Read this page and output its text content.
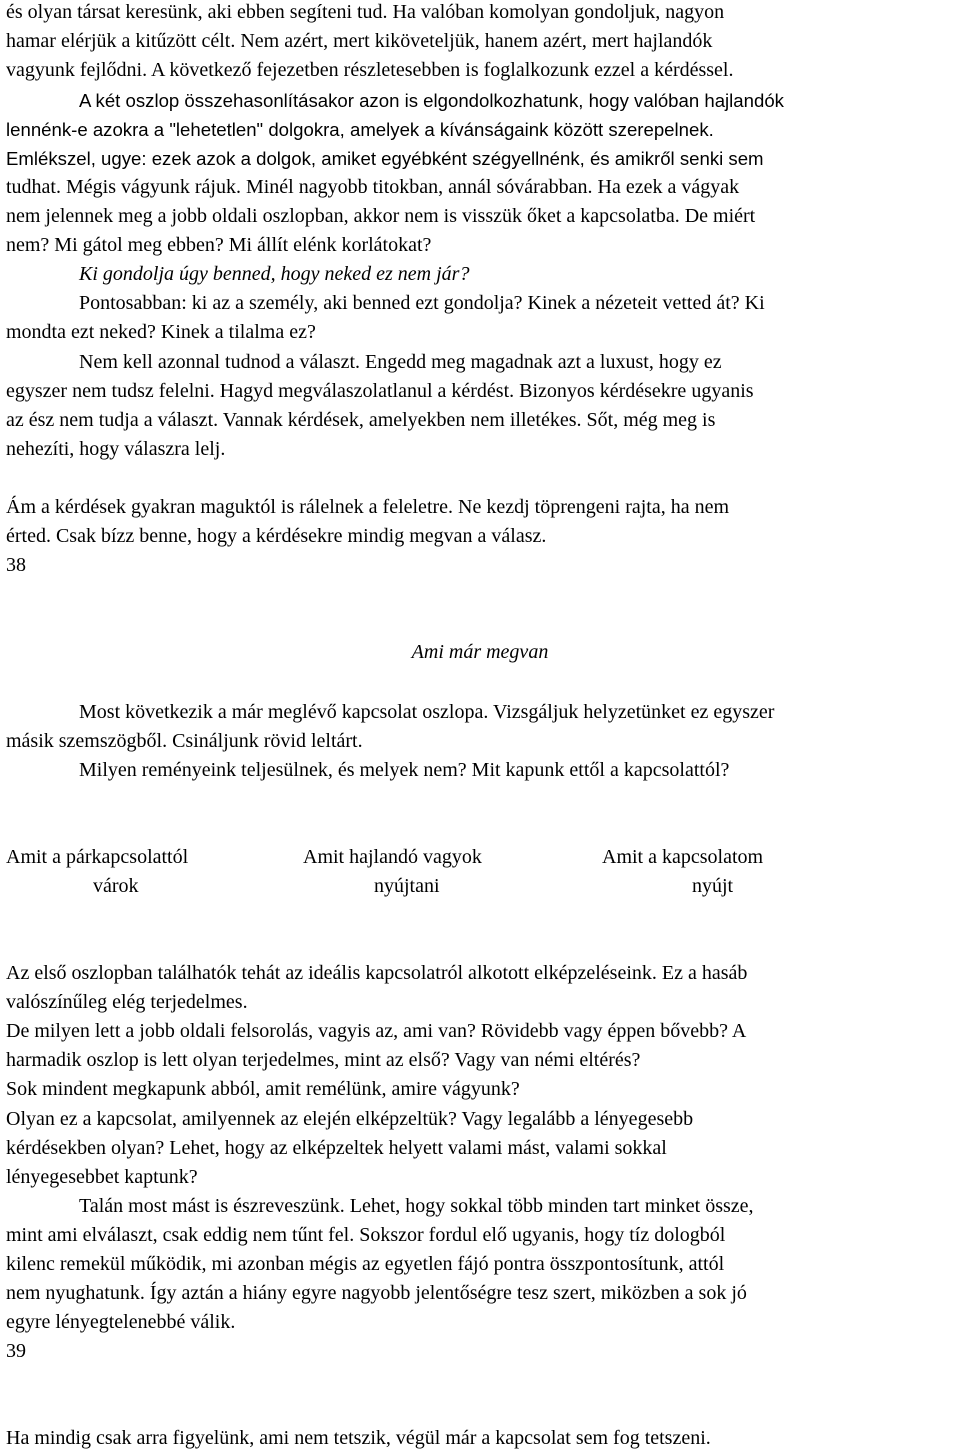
és olyan társat keresünk, aki ebben segíteni tud. Ha valóban komolyan gondoljuk, nagyon

hamar elérjük a kitűzött célt. Nem azért, mert kiköveteljük, hanem azért, mert hajlandók

vagyunk fejlődni. A következő fejezetben részletesebben is foglalkozunk ezzel a kérdéssel.

A két oszlop összehasonlításakor azon is elgondolkozhatunk, hogy valóban hajlandók

lennénk-e azokra a "lehetetlen" dolgokra, amelyek a kívánságaink között szerepelnek.

Emlékszel, ugye: ezek azok a dolgok, amiket egyébként szégyellnénk, és amikről senki sem

tudhat. Mégis vágyunk rájuk. Minél nagyobb titokban, annál sóvárabban. Ha ezek a vágyak

nem jelennek meg a jobb oldali oszlopban, akkor nem is visszük őket a kapcsolatba. De miért

nem? Mi gátol meg ebben? Mi állít elénk korlátokat?

Ki gondolja úgy benned, hogy neked ez nem jár?

Pontosabban: ki az a személy, aki benned ezt gondolja? Kinek a nézeteit vetted át? Ki

mondta ezt neked? Kinek a tilalma ez?

Nem kell azonnal tudnod a választ. Engedd meg magadnak azt a luxust, hogy ez

egyszer nem tudsz felelni. Hagyd megválaszolatlanul a kérdést. Bizonyos kérdésekre ugyanis

az ész nem tudja a választ. Vannak kérdések, amelyekben nem illetékes. Sőt, még meg is

nehezíti, hogy válaszra lelj.

Ám a kérdések gyakran maguktól is rálelnek a feleletre. Ne kezdj töprengeni rajta, ha nem

érted. Csak bízz benne, hogy a kérdésekre mindig megvan a válasz.

38

Ami már megvan

Most következik a már meglévő kapcsolat oszlopa. Vizsgáljuk helyzetünket ez egyszer

másik szemszögből. Csináljunk rövid leltárt.

Milyen reményeink teljesülnek, és melyek nem? Mit kapunk ettől a kapcsolattól?

Amit a párkapcsolattól
várok
Amit hajlandó vagyok
nyújtani
Amit a kapcsolatom
nyújt

Az első oszlopban találhatók tehát az ideális kapcsolatról alkotott elképzeléseink. Ez a hasáb

valószínűleg elég terjedelmes.

De milyen lett a jobb oldali felsorolás, vagyis az, ami van? Rövidebb vagy éppen bővebb? A

harmadik oszlop is lett olyan terjedelmes, mint az első? Vagy van némi eltérés?

Sok mindent megkapunk abból, amit remélünk, amire vágyunk?

Olyan ez a kapcsolat, amilyennek az elején elképzeltük? Vagy legalább a lényegesebb

kérdésekben olyan? Lehet, hogy az elképzeltek helyett valami mást, valami sokkal

lényegesebbet kaptunk?

Talán most mást is észreveszünk. Lehet, hogy sokkal több minden tart minket össze,

mint ami elválaszt, csak eddig nem tűnt fel. Sokszor fordul elő ugyanis, hogy tíz dologból

kilenc remekül működik, mi azonban mégis az egyetlen fájó pontra összpontosítunk, attól

nem nyughatunk. Így aztán a hiány egyre nagyobb jelentőségre tesz szert, miközben a sok jó

egyre lényegtelenebbé válik.

39

Ha mindig csak arra figyelünk, ami nem tetszik, végül már a kapcsolat sem fog tetszeni.
